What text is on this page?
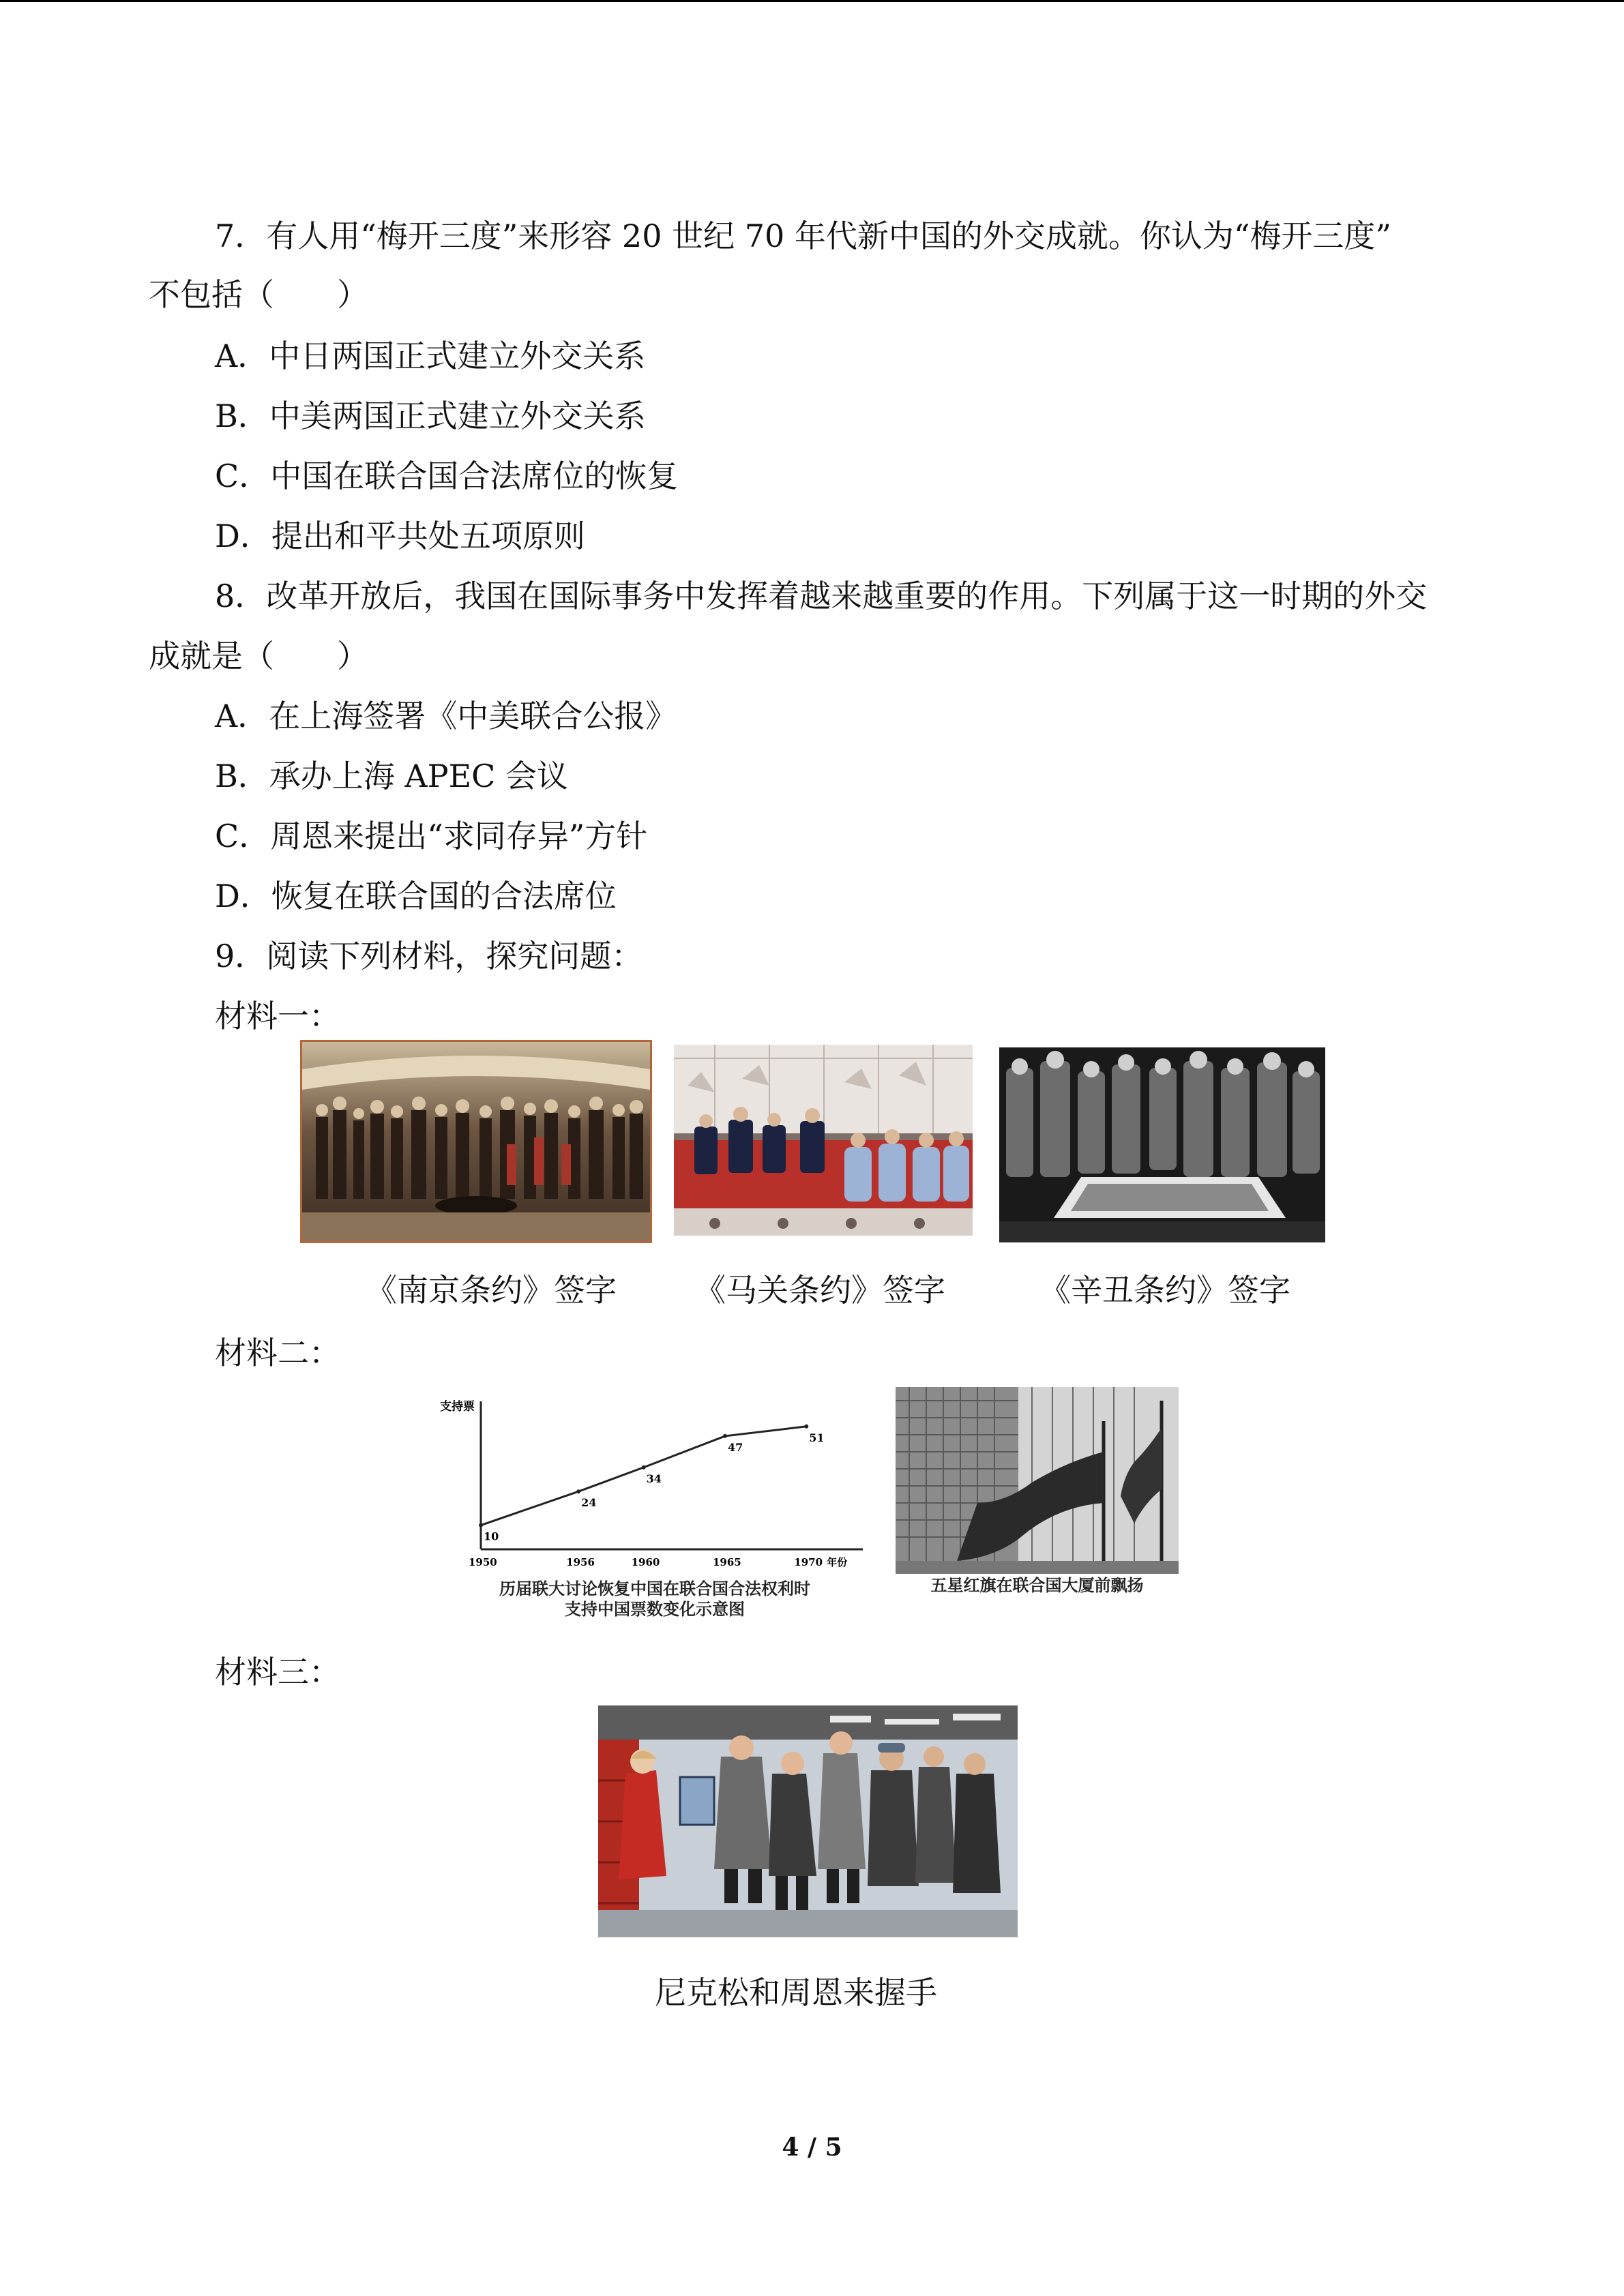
7．有人用“梅开三度”来形容 20 世纪 70 年代新中国的外交成就。你认为“梅开三度”
不包括（　　）
A．中日两国正式建立外交关系
B．中美两国正式建立外交关系
C．中国在联合国合法席位的恢复
D．提出和平共处五项原则
8．改革开放后，我国在国际事务中发挥着越来越重要的作用。下列属于这一时期的外交
成就是（　　）
A．在上海签署《中美联合公报》
B．承办上海 APEC 会议
C．周恩来提出“求同存异”方针
D．恢复在联合国的合法席位
9．阅读下列材料，探究问题：
材料一：
《南京条约》签字 《马关条约》签字	《辛丑条约》签字
材料二：
支持票
10
1950
24
1956
34
1960
47
1965
51
1970 年份
历届联大讨论恢复中国在联合国合法权利时
支持中国票数变化示意图
五星红旗在联合国大厦前飘扬
材料三：
尼克松和周恩来握手
4 / 5
